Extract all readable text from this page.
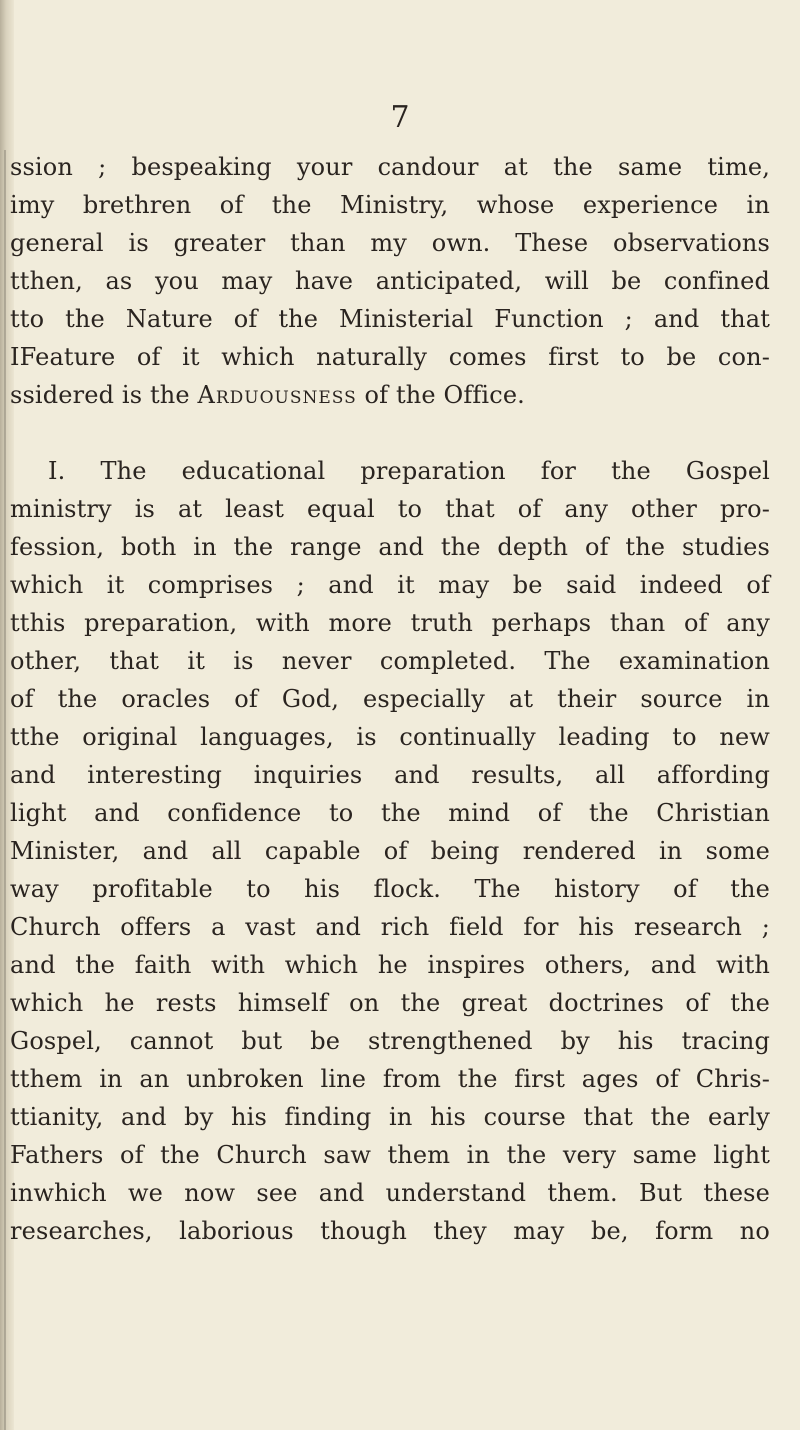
7
ssion ; bespeaking your candour at the same time,
imy brethren of the Ministry, whose experience in
general is greater than my own. These observations
tthen, as you may have anticipated, will be confined
tto the Nature of the Ministerial Function ; and that
IFeature of it which naturally comes first to be con-
ssidered is the Arduousness of the Office.
I. The educational preparation for the Gospel
ministry is at least equal to that of any other pro-
fession, both in the range and the depth of the studies
which it comprises ; and it may be said indeed of
tthis preparation, with more truth perhaps than of any
other, that it is never completed. The examination
of the oracles of God, especially at their source in
tthe original languages, is continually leading to new
and interesting inquiries and results, all affording
light and confidence to the mind of the Christian
Minister, and all capable of being rendered in some
way profitable to his flock. The history of the
Church offers a vast and rich field for his research ;
and the faith with which he inspires others, and with
which he rests himself on the great doctrines of the
Gospel, cannot but be strengthened by his tracing
tthem in an unbroken line from the first ages of Chris-
ttianity, and by his finding in his course that the early
Fathers of the Church saw them in the very same light
inwhich we now see and understand them. But these
researches, laborious though they may be, form no
